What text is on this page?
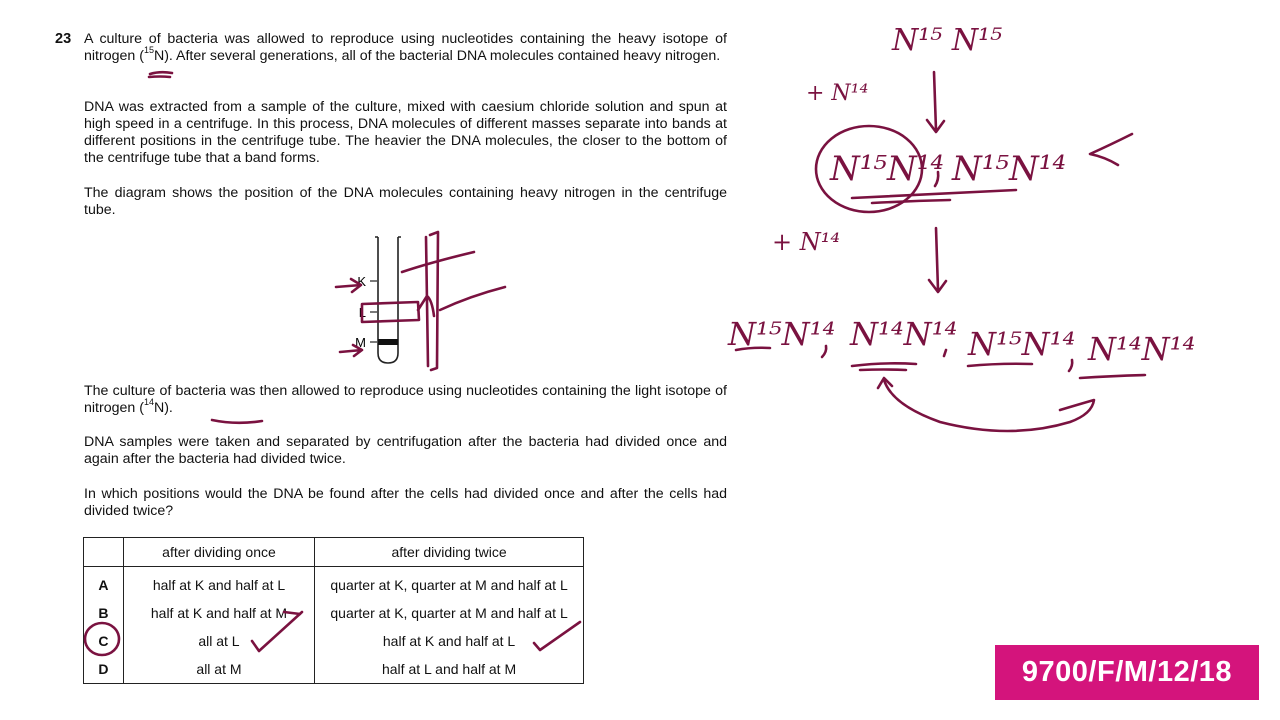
23 A culture of bacteria was allowed to reproduce using nucleotides containing the heavy isotope of nitrogen ($^{15}$N). After several generations, all of the bacterial DNA molecules contained heavy nitrogen.

DNA was extracted from a sample of the culture, mixed with caesium chloride solution and spun at high speed in a centrifuge. In this process, DNA molecules of different masses separate into bands at different positions in the centrifuge tube. The heavier the DNA molecules, the closer to the bottom of the centrifuge tube that a band forms.

The diagram shows the position of the DNA molecules containing heavy nitrogen in the centrifuge tube.

K
L
M

The culture of bacteria was then allowed to reproduce using nucleotides containing the light isotope of nitrogen ($^{14}$N).

DNA samples were taken and separated by centrifugation after the bacteria had divided once and again after the bacteria had divided twice.

In which positions would the DNA be found after the cells had divided once and after the cells had divided twice?

	after dividing once	after dividing twice
A	half at K and half at L	quarter at K, quarter at M and half at L
B	half at K and half at M	quarter at K, quarter at M and half at L
C	all at L	half at K and half at L
D	all at M	half at L and half at M
N¹⁵ N¹⁵
+ N¹⁴
N¹⁵N¹⁴ N¹⁵N¹⁴
+ N¹⁴
N¹⁵N¹⁴ N¹⁴N¹⁴ N¹⁵N¹⁴ N¹⁴N¹⁴
9700/F/M/12/18
